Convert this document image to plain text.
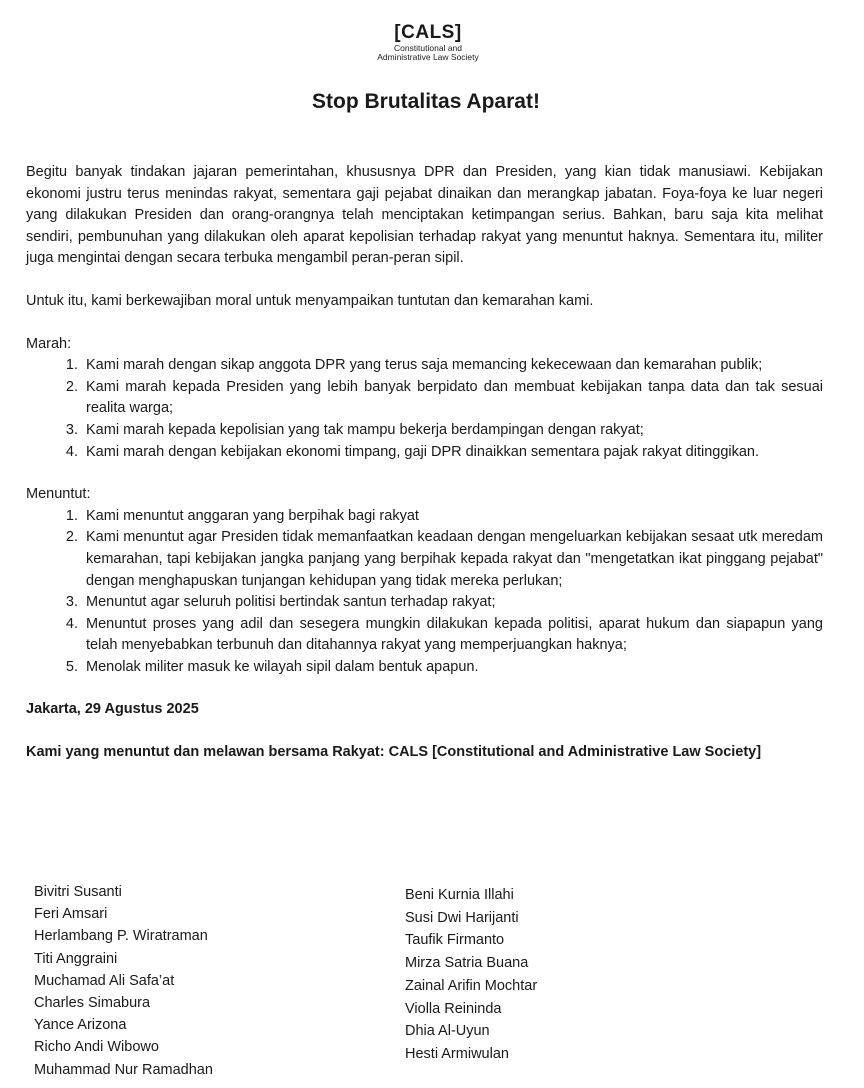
[CALS]
Constitutional and
Administrative Law Society
Stop Brutalitas Aparat!

Begitu banyak tindakan jajaran pemerintahan, khususnya DPR dan Presiden, yang kian tidak manusiawi. Kebijakan ekonomi justru terus menindas rakyat, sementara gaji pejabat dinaikan dan merangkap jabatan. Foya-foya ke luar negeri yang dilakukan Presiden dan orang-orangnya telah menciptakan ketimpangan serius. Bahkan, baru saja kita melihat sendiri, pembunuhan yang dilakukan oleh aparat kepolisian terhadap rakyat yang menuntut haknya. Sementara itu, militer juga mengintai dengan secara terbuka mengambil peran-peran sipil.

Untuk itu, kami berkewajiban moral untuk menyampaikan tuntutan dan kemarahan kami.

Marah:
1. Kami marah dengan sikap anggota DPR yang terus saja memancing kekecewaan dan kemarahan publik;
2. Kami marah kepada Presiden yang lebih banyak berpidato dan membuat kebijakan tanpa data dan tak sesuai realita warga;
3. Kami marah kepada kepolisian yang tak mampu bekerja berdampingan dengan rakyat;
4. Kami marah dengan kebijakan ekonomi timpang, gaji DPR dinaikkan sementara pajak rakyat ditinggikan.
Menuntut:
1. Kami menuntut anggaran yang berpihak bagi rakyat
2. Kami menuntut agar Presiden tidak memanfaatkan keadaan dengan mengeluarkan kebijakan sesaat utk meredam kemarahan, tapi kebijakan jangka panjang yang berpihak kepada rakyat dan "mengetatkan ikat pinggang pejabat" dengan menghapuskan tunjangan kehidupan yang tidak mereka perlukan;
3. Menuntut agar seluruh politisi bertindak santun terhadap rakyat;
4. Menuntut proses yang adil dan sesegera mungkin dilakukan kepada politisi, aparat hukum dan siapapun yang telah menyebabkan terbunuh dan ditahannya rakyat yang memperjuangkan haknya;
5. Menolak militer masuk ke wilayah sipil dalam bentuk apapun.

Jakarta, 29 Agustus 2025

Kami yang menuntut dan melawan bersama Rakyat: CALS [Constitutional and Administrative Law Society]

Bivitri Susanti
Feri Amsari
Herlambang P. Wiratraman
Titi Anggraini
Muchamad Ali Safa’at
Charles Simabura
Yance Arizona
Richo Andi Wibowo
Muhammad Nur Ramadhan
Beni Kurnia Illahi
Susi Dwi Harijanti
Taufik Firmanto
Mirza Satria Buana
Zainal Arifin Mochtar
Violla Reininda
Dhia Al-Uyun
Hesti Armiwulan
